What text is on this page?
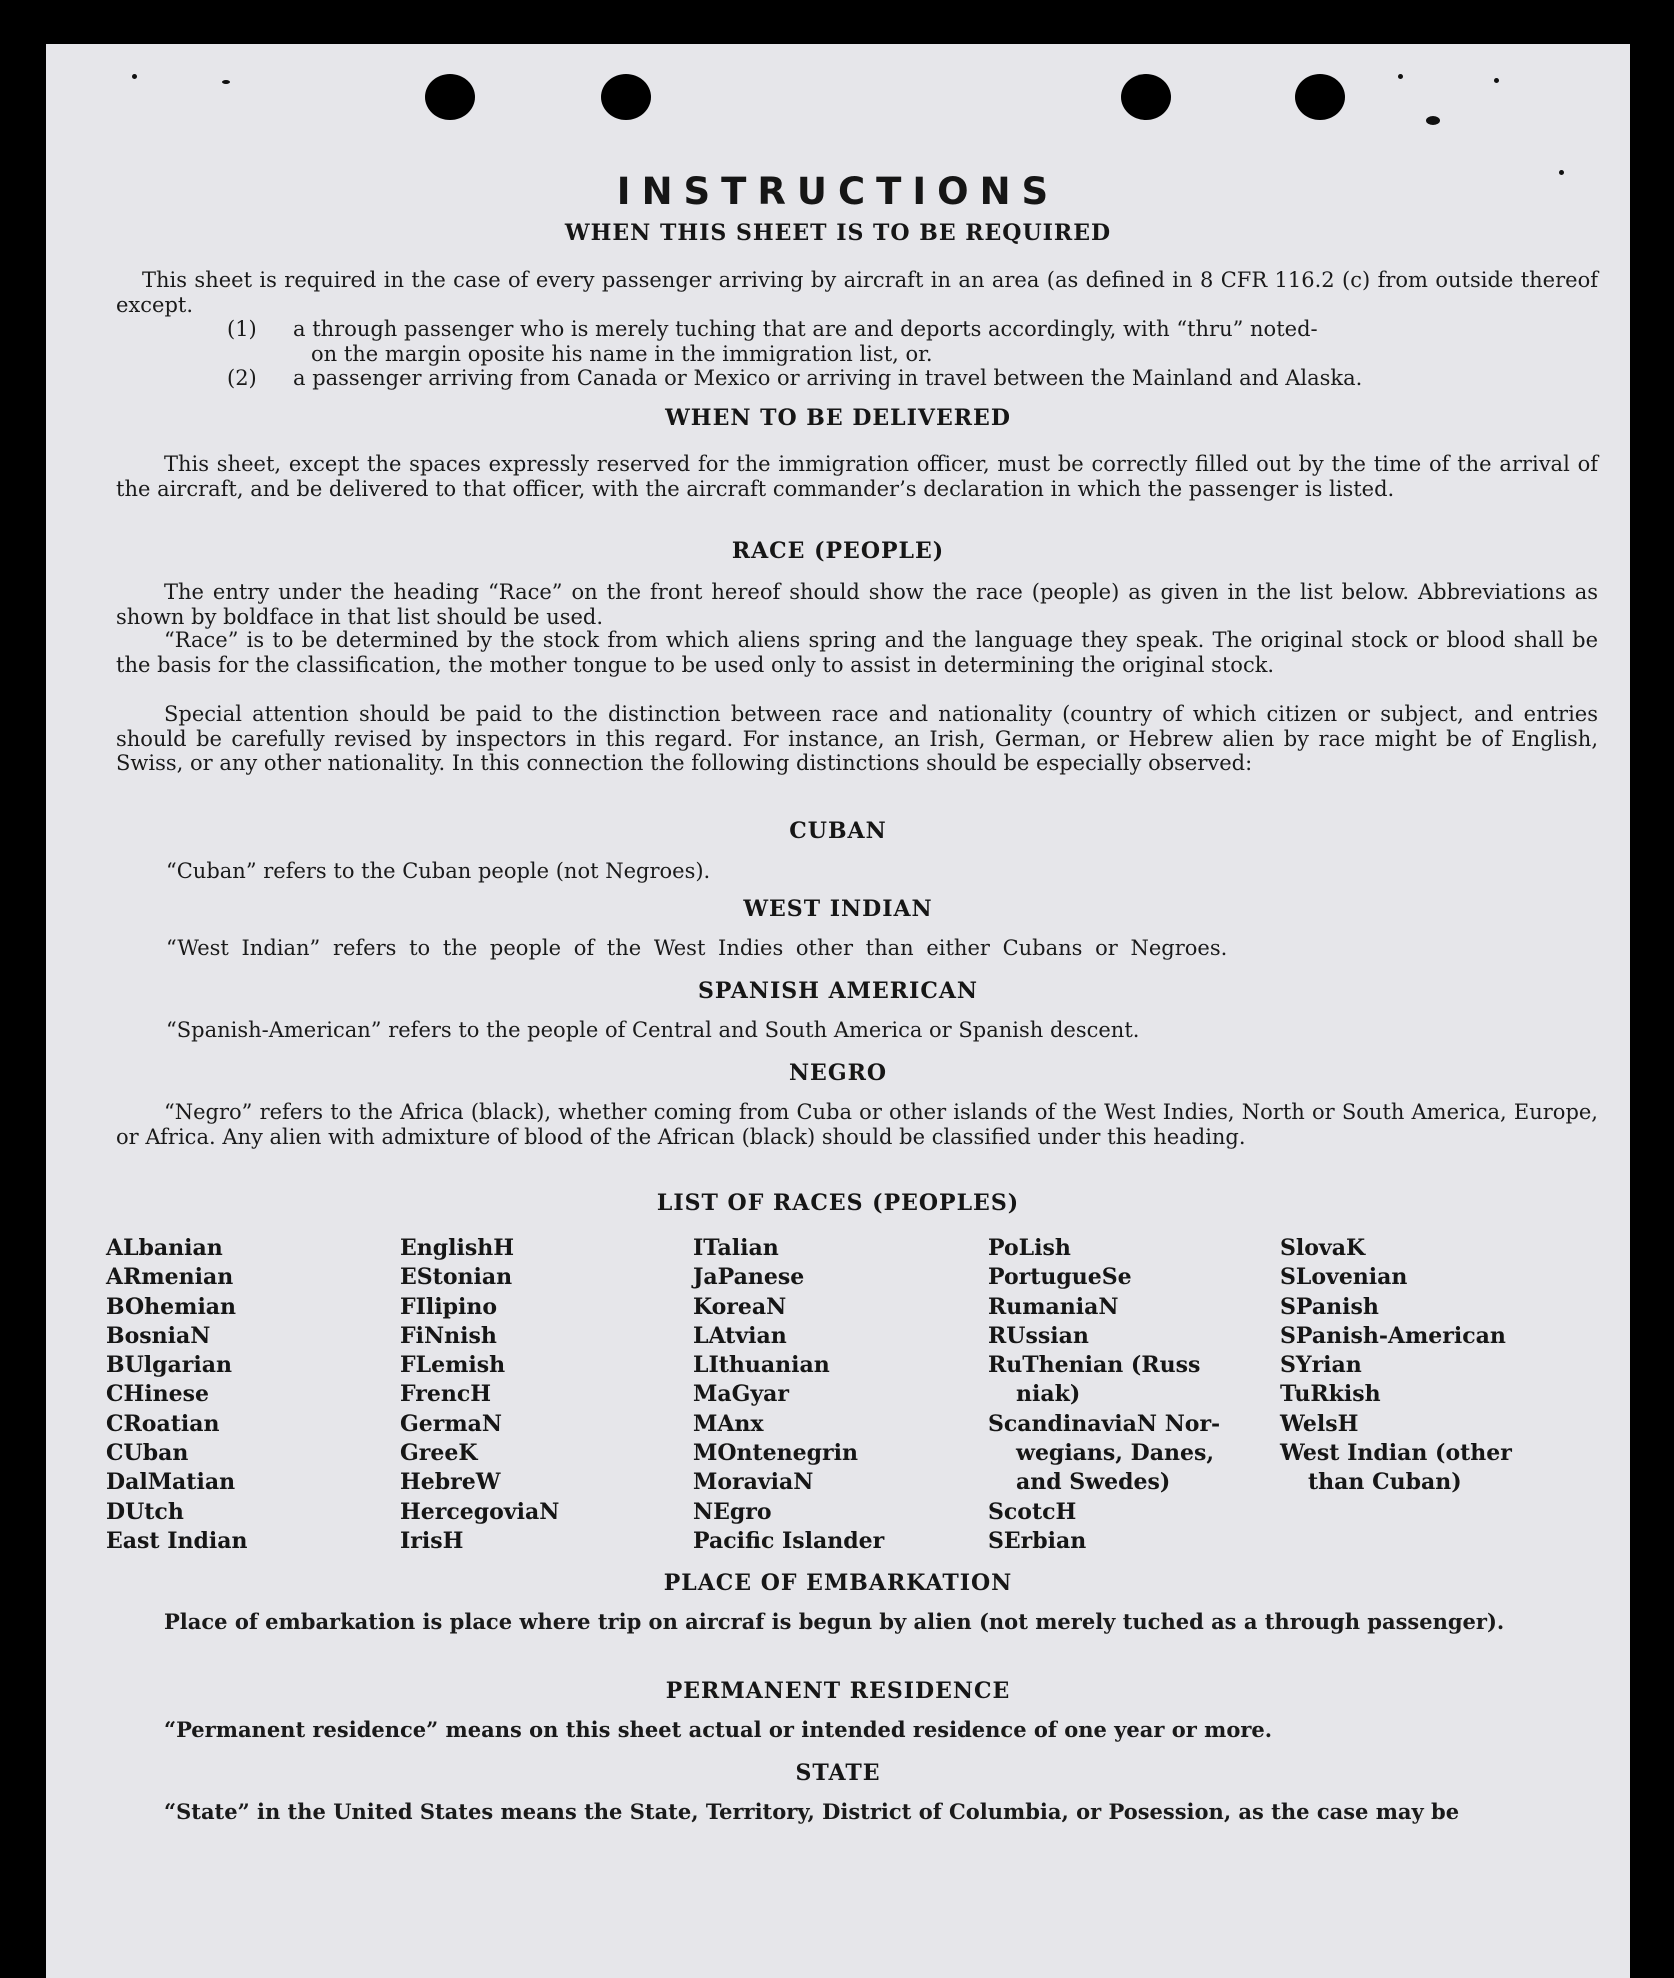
INSTRUCTIONS
WHEN THIS SHEET IS TO BE REQUIRED

This sheet is required in the case of every passenger arriving by aircraft in an area (as defined in 8 CFR 116.2 (c) from outside thereof except.

(1) a through passenger who is merely tuching that are and deports accordingly, with “thru” noted-
on the margin oposite his name in the immigration list, or.
(2) a passenger arriving from Canada or Mexico or arriving in travel between the Mainland and Alaska.
WHEN TO BE DELIVERED

This sheet, except the spaces expressly reserved for the immigration officer, must be correctly filled out by the time of the arrival of the aircraft, and be delivered to that officer, with the aircraft commander’s declaration in which the passenger is listed.

RACE (PEOPLE)

The entry under the heading “Race” on the front hereof should show the race (people) as given in the list below. Abbreviations as shown by boldface in that list should be used.

“Race” is to be determined by the stock from which aliens spring and the language they speak. The original stock or blood shall be the basis for the classification, the mother tongue to be used only to assist in determining the original stock.

Special attention should be paid to the distinction between race and nationality (country of which citizen or subject, and entries should be carefully revised by inspectors in this regard. For instance, an Irish, German, or Hebrew alien by race might be of English, Swiss, or any other nationality. In this connection the following distinctions should be especially observed:

CUBAN
“Cuban” refers to the Cuban people (not Negroes).
WEST INDIAN
“West Indian” refers to the people of the West Indies other than either Cubans or Negroes.
SPANISH AMERICAN
“Spanish-American” refers to the people of Central and South America or Spanish descent.
NEGRO

“Negro” refers to the Africa (black), whether coming from Cuba or other islands of the West Indies, North or South America, Europe, or Africa. Any alien with admixture of blood of the African (black) should be classified under this heading.

LIST OF RACES (PEOPLES)
ALbanian
ARmenian
BOhemian
BosniaN
BUlgarian
CHinese
CRoatian
CUban
DalMatian
DUtch
East Indian
EnglishH
EStonian
FIlipino
FiNnish
FLemish
FrencH
GermaN
GreeK
HebreW
HercegoviaN
IrisH
ITalian
JaPanese
KoreaN
LAtvian
LIthuanian
MaGyar
MAnx
MOntenegrin
MoraviaN
NEgro
Pacific Islander
PoLish
PortugueSe
RumaniaN
RUssian
RuThenian (Russ
niak)
ScandinaviaN Nor-
wegians, Danes,
and Swedes)
ScotcH
SErbian
SlovaK
SLovenian
SPanish
SPanish-American
SYrian
TuRkish
WelsH
West Indian (other
than Cuban)
PLACE OF EMBARKATION

Place of embarkation is place where trip on aircraf is begun by alien (not merely tuched as a through passenger).

PERMANENT RESIDENCE
“Permanent residence” means on this sheet actual or intended residence of one year or more.
STATE
“State” in the United States means the State, Territory, District of Columbia, or Posession, as the case may be
